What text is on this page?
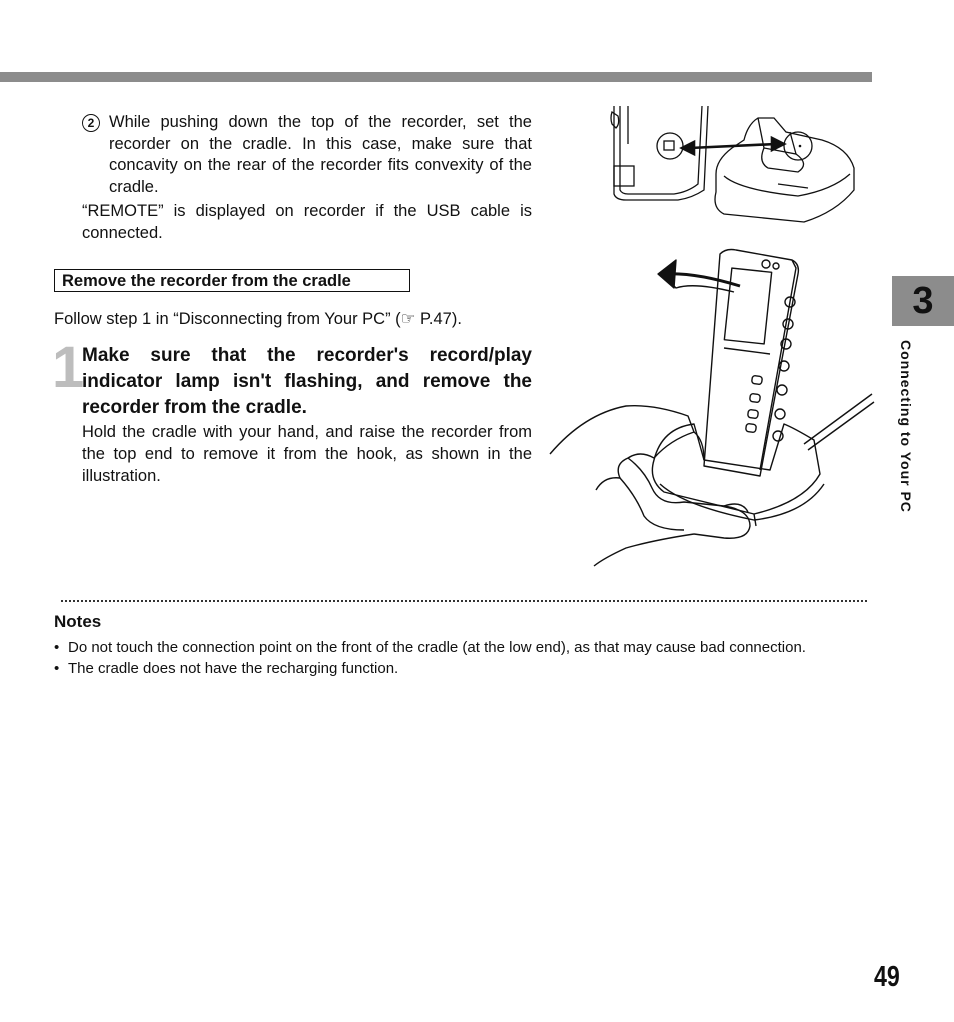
2 While pushing down the top of the recorder, set the recorder on the cradle. In this case, make sure that concavity on the rear of the recorder fits convexity of the cradle.
“REMOTE” is displayed on recorder if the USB cable is connected.
Remove the recorder from the cradle
Follow step 1 in “Disconnecting from Your PC” (☞ P.47).
1
Make sure that the recorder's record/play indicator lamp isn't flashing, and remove the recorder from the cradle.
Hold the cradle with your hand, and raise the recorder from the top end to remove it from the hook, as shown in the illustration.
Notes
• Do not touch the connection point on the front of the cradle (at the low end), as that may cause bad connection.
• The cradle does not have the recharging function.
3
Connecting to Your PC
49
